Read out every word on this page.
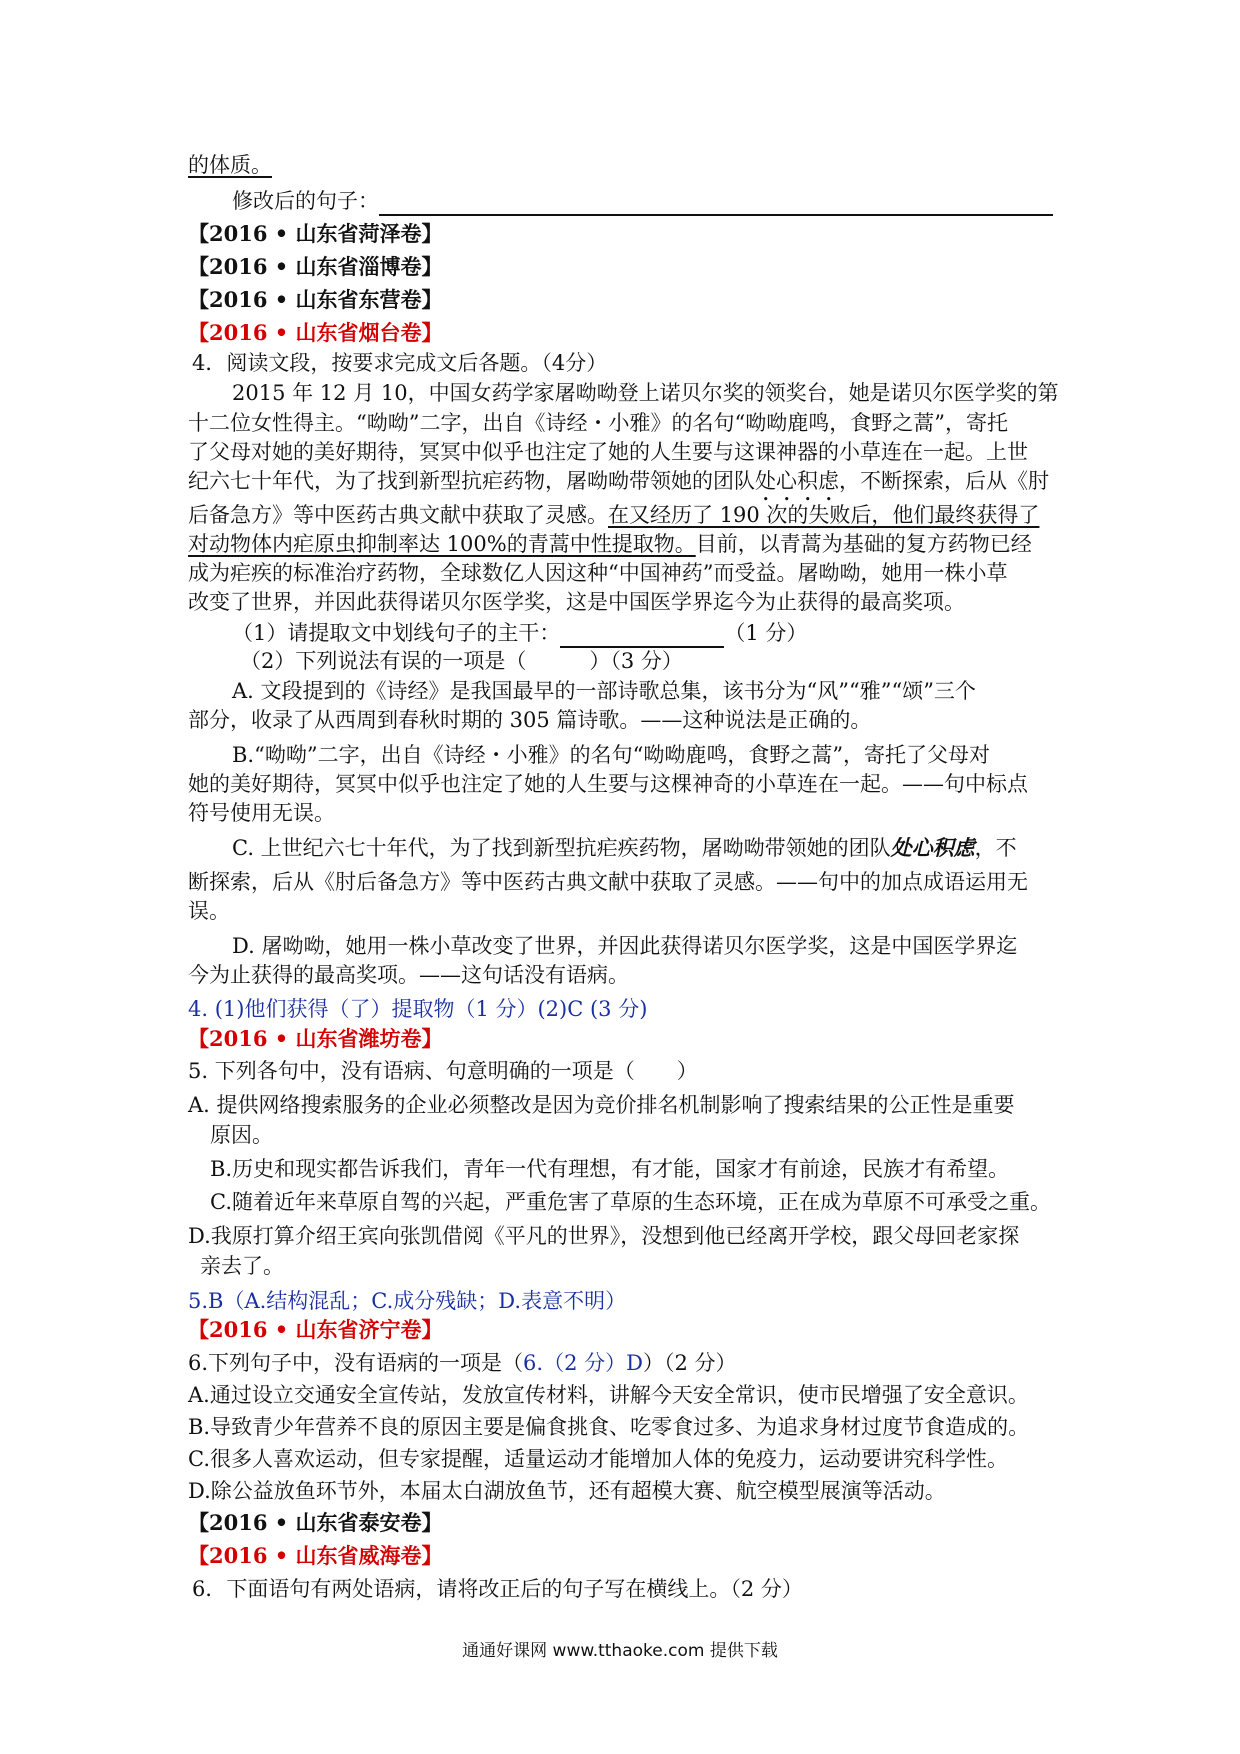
的体质。
修改后的句子：
【2016 • 山东省菏泽卷】
【2016 • 山东省淄博卷】
【2016 • 山东省东营卷】
【2016 • 山东省烟台卷】
4．阅读文段，按要求完成文后各题。（4分）
2015 年 12 月 10，中国女药学家屠呦呦登上诺贝尔奖的领奖台，她是诺贝尔医学奖的第
十二位女性得主。“呦呦”二字，出自《诗经・小雅》的名句“呦呦鹿鸣，食野之蒿”，寄托
了父母对她的美好期待，冥冥中似乎也注定了她的人生要与这课神器的小草连在一起。上世
纪六七十年代，为了找到新型抗疟药物，屠呦呦带领她的团队处心积虑，不断探索，后从《肘
后备急方》等中医药古典文献中获取了灵感。在又经历了 190 次的失败后，他们最终获得了
对动物体内疟原虫抑制率达 100%的青蒿中性提取物。目前，以青蒿为基础的复方药物已经
成为疟疾的标准治疗药物，全球数亿人因这种“中国神药”而受益。屠呦呦，她用一株小草
改变了世界，并因此获得诺贝尔医学奖，这是中国医学界迄今为止获得的最高奖项。
（1）请提取文中划线句子的主干：	（1 分）
（2）下列说法有误的一项是（　　　）（3 分）
A. 文段提到的《诗经》是我国最早的一部诗歌总集，该书分为“风”“雅”“颂”三个
部分，收录了从西周到春秋时期的 305 篇诗歌。——这种说法是正确的。
B.“呦呦”二字，出自《诗经・小雅》的名句“呦呦鹿鸣，食野之蒿”，寄托了父母对
她的美好期待，冥冥中似乎也注定了她的人生要与这棵神奇的小草连在一起。——句中标点
符号使用无误。
C. 上世纪六七十年代，为了找到新型抗疟疾药物，屠呦呦带领她的团队处心积虑，不
断探索，后从《肘后备急方》等中医药古典文献中获取了灵感。——句中的加点成语运用无
误。
D. 屠呦呦，她用一株小草改变了世界，并因此获得诺贝尔医学奖，这是中国医学界迄
今为止获得的最高奖项。——这句话没有语病。
4. (1)他们获得（了）提取物（1 分）(2)C (3 分)
【2016 • 山东省潍坊卷】
5. 下列各句中，没有语病、句意明确的一项是（　　）
A. 提供网络搜索服务的企业必须整改是因为竞价排名机制影响了搜索结果的公正性是重要
原因。
B.历史和现实都告诉我们，青年一代有理想，有才能，国家才有前途，民族才有希望。
C.随着近年来草原自驾的兴起，严重危害了草原的生态环境，正在成为草原不可承受之重。
D.我原打算介绍王宾向张凯借阅《平凡的世界》，没想到他已经离开学校，跟父母回老家探
亲去了。
5.B（A.结构混乱；C.成分残缺；D.表意不明）
【2016 • 山东省济宁卷】
6.下列句子中，没有语病的一项是（6.（2 分）D）（2 分）
A.通过设立交通安全宣传站，发放宣传材料，讲解今天安全常识，使市民增强了安全意识。
B.导致青少年营养不良的原因主要是偏食挑食、吃零食过多、为追求身材过度节食造成的。
C.很多人喜欢运动，但专家提醒，适量运动才能增加人体的免疫力，运动要讲究科学性。
D.除公益放鱼环节外，本届太白湖放鱼节，还有超模大赛、航空模型展演等活动。
【2016 • 山东省泰安卷】
【2016 • 山东省威海卷】
6．下面语句有两处语病，请将改正后的句子写在横线上。（2 分）
通通好课网 www.tthaoke.com 提供下载
